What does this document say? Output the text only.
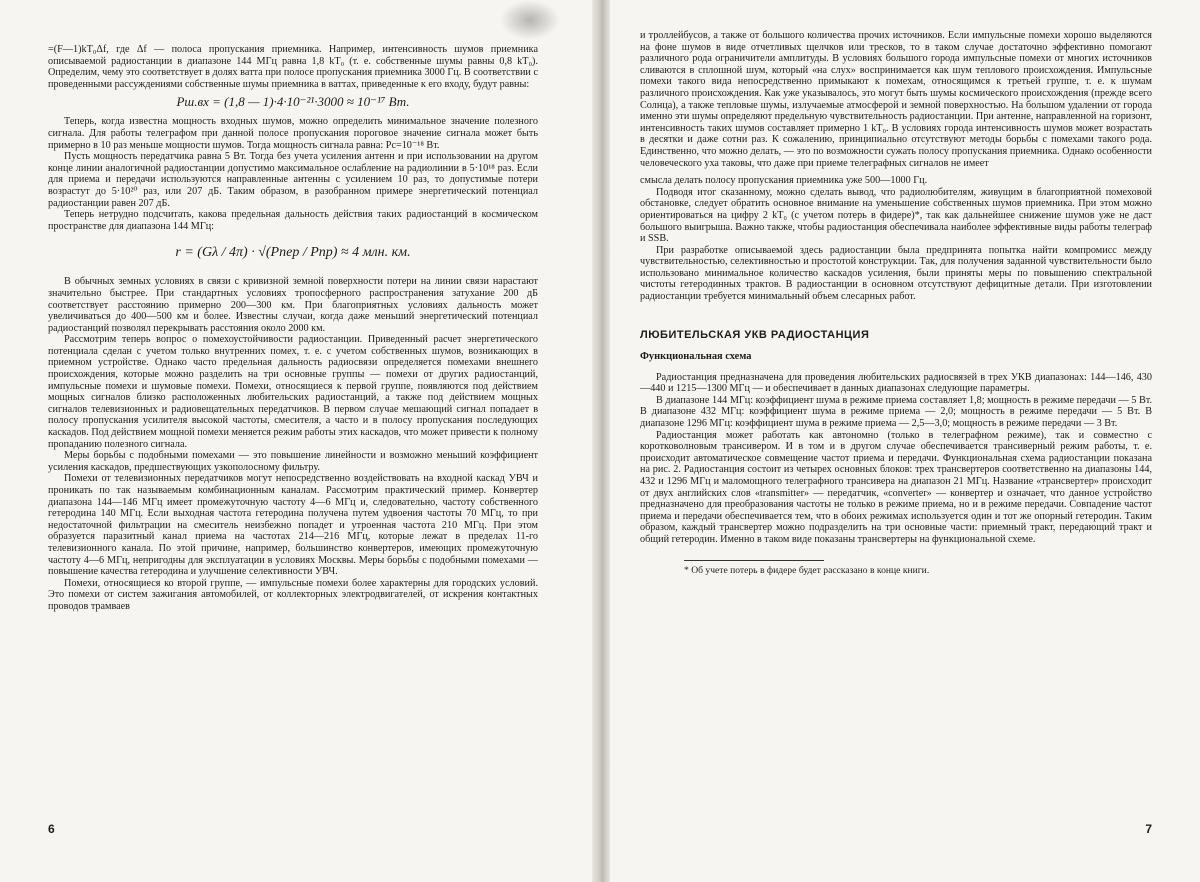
=(F—1)kT₀Δf, где Δf — полоса пропускания приемника. Например, интенсивность шумов приемника описываемой радиостанции в диапазоне 144 МГц равна 1,8 kT₀ (т. е. собственные шумы равны 0,8 kT₀). Определим, чему это соответствует в долях ватта при полосе пропускания приемника 3000 Гц. В соответствии с проведенными рассуждениями собственные шумы приемника в ваттах, приведенные к его входу, будут равны:

Pш.вх = (1,8 — 1)·4·10⁻²¹·3000 ≈ 10⁻¹⁷ Вт.

Теперь, когда известна мощность входных шумов, можно определить минимальное значение полезного сигнала. Для работы телеграфом при данной полосе пропускания пороговое значение сигнала может быть примерно в 10 раз меньше мощности шумов. Тогда мощность сигнала равна: Pс=10⁻¹⁸ Вт.

Пусть мощность передатчика равна 5 Вт. Тогда без учета усиления антенн и при использовании на другом конце линии аналогичной радиостанции допустимо максимальное ослабление на радиолинии в 5·10¹⁸ раз. Если для приема и передачи используются направленные антенны с усилением 10 раз, то допустимые потери возрастут до 5·10²⁰ раз, или 207 дБ. Таким образом, в разобранном примере энергетический потенциал радиостанции равен 207 дБ.

Теперь нетрудно подсчитать, какова предельная дальность действия таких радиостанций в космическом пространстве для диапазона 144 МГц:

r = (Gλ / 4π) · √(Pпер / Pпр) ≈ 4 млн. км.

В обычных земных условиях в связи с кривизной земной поверхности потери на линии связи нарастают значительно быстрее. При стандартных условиях тропосферного распространения затухание 200 дБ соответствует расстоянию примерно 200—300 км. При благоприятных условиях дальность может увеличиваться до 400—500 км и более. Известны случаи, когда даже меньший энергетический потенциал радиостанций позволял перекрывать расстояния около 2000 км.

Рассмотрим теперь вопрос о помехоустойчивости радиостанции. Приведенный расчет энергетического потенциала сделан с учетом только внутренних помех, т. е. с учетом собственных шумов, возникающих в приемном устройстве. Однако часто предельная дальность радиосвязи определяется помехами внешнего происхождения, которые можно разделить на три основные группы — помехи от других радиостанций, импульсные помехи и шумовые помехи. Помехи, относящиеся к первой группе, появляются под действием мощных сигналов близко расположенных любительских радиостанций, а также под действием мощных сигналов телевизионных и радиовещательных передатчиков. В первом случае мешающий сигнал попадает в полосу пропускания усилителя высокой частоты, смесителя, а часто и в полосу пропускания последующих каскадов. Под действием мощной помехи меняется режим работы этих каскадов, что может привести к полному пропаданию полезного сигнала.

Меры борьбы с подобными помехами — это повышение линейности и возможно меньший коэффициент усиления каскадов, предшествующих узкополосному фильтру.

Помехи от телевизионных передатчиков могут непосредственно воздействовать на входной каскад УВЧ и проникать по так называемым комбинационным каналам. Рассмотрим практический пример. Конвертер диапазона 144—146 МГц имеет промежуточную частоту 4—6 МГц и, следовательно, частоту собственного гетеродина 140 МГц. Если выходная частота гетеродина получена путем удвоения частоты 70 МГц, то при недостаточной фильтрации на смеситель неизбежно попадет и утроенная частота 210 МГц. При этом образуется паразитный канал приема на частотах 214—216 МГц, которые лежат в пределах 11-го телевизионного канала. По этой причине, например, большинство конвертеров, имеющих промежуточную частоту 4—6 МГц, непригодны для эксплуатации в условиях Москвы. Меры борьбы с подобными помехами — повышение качества гетеродина и улучшение селективности УВЧ.

Помехи, относящиеся ко второй группе, — импульсные помехи более характерны для городских условий. Это помехи от систем зажигания автомобилей, от коллекторных электродвигателей, от искрения контактных проводов трамваев

6

и троллейбусов, а также от большого количества прочих источников. Если импульсные помехи хорошо выделяются на фоне шумов в виде отчетливых щелчков или тресков, то в таком случае достаточно эффективно помогают различного рода ограничители амплитуды. В условиях большого города импульсные помехи от многих источников сливаются в сплошной шум, который «на слух» воспринимается как шум теплового происхождения. Импульсные помехи такого вида непосредственно примыкают к помехам, относящимся к третьей группе, т. е. к шумам различного происхождения. Как уже указывалось, это могут быть шумы космического происхождения (прежде всего Солнца), а также тепловые шумы, излучаемые атмосферой и земной поверхностью. На большом удалении от города именно эти шумы определяют предельную чувствительность радиостанции. При антенне, направленной на горизонт, интенсивность таких шумов составляет примерно 1 kT₀. В условиях города интенсивность шумов может возрастать в десятки и даже сотни раз. К сожалению, принципиально отсутствуют методы борьбы с помехами такого рода. Единственно, что можно делать, — это по возможности сужать полосу пропускания приемника. Однако особенности человеческого уха таковы, что даже при приеме телеграфных сигналов не имеет

смысла делать полосу пропускания приемника уже 500—1000 Гц.

Подводя итог сказанному, можно сделать вывод, что радиолюбителям, живущим в благоприятной помеховой обстановке, следует обратить основное внимание на уменьшение собственных шумов приемника. При этом можно ориентироваться на цифру 2 kT₀ (с учетом потерь в фидере)*, так как дальнейшее снижение шумов уже не даст большого выигрыша. Важно также, чтобы радиостанция обеспечивала наиболее эффективные виды работы телеграф и SSB.

При разработке описываемой здесь радиостанции была предпринята попытка найти компромисс между чувствительностью, селективностью и простотой конструкции. Так, для получения заданной чувствительности было использовано минимальное количество каскадов усиления, были приняты меры по повышению спектральной чистоты гетеродинных трактов. В радиостанции в основном отсутствуют дефицитные детали. При изготовлении радиостанции требуется минимальный объем слесарных работ.

ЛЮБИТЕЛЬСКАЯ УКВ РАДИОСТАНЦИЯ
Функциональная схема

Радиостанция предназначена для проведения любительских радиосвязей в трех УКВ диапазонах: 144—146, 430—440 и 1215—1300 МГц — и обеспечивает в данных диапазонах следующие параметры.

В диапазоне 144 МГц: коэффициент шума в режиме приема составляет 1,8; мощность в режиме передачи — 5 Вт. В диапазоне 432 МГц: коэффициент шума в режиме приема — 2,0; мощность в режиме передачи — 5 Вт. В диапазоне 1296 МГц: коэффициент шума в режиме приема — 2,5—3,0; мощность в режиме передачи — 3 Вт.

Радиостанция может работать как автономно (только в телеграфном режиме), так и совместно с коротковолновым трансивером. И в том и в другом случае обеспечивается трансиверный режим работы, т. е. происходит автоматическое совмещение частот приема и передачи. Функциональная схема радиостанции показана на рис. 2. Радиостанция состоит из четырех основных блоков: трех трансвертеров соответственно на диапазоны 144, 432 и 1296 МГц и маломощного телеграфного трансивера на диапазон 21 МГц. Название «трансвертер» происходит от двух английских слов «transmitter» — передатчик, «converter» — конвертер и означает, что данное устройство предназначено для преобразования частоты не только в режиме приема, но и в режиме передачи. Совпадение частот приема и передачи обеспечивается тем, что в обоих режимах используется один и тот же опорный гетеродин. Таким образом, каждый трансвертер можно подразделить на три основные части: приемный тракт, передающий тракт и общий гетеродин. Именно в таком виде показаны трансвертеры на функциональной схеме.

* Об учете потерь в фидере будет рассказано в конце книги.
7
